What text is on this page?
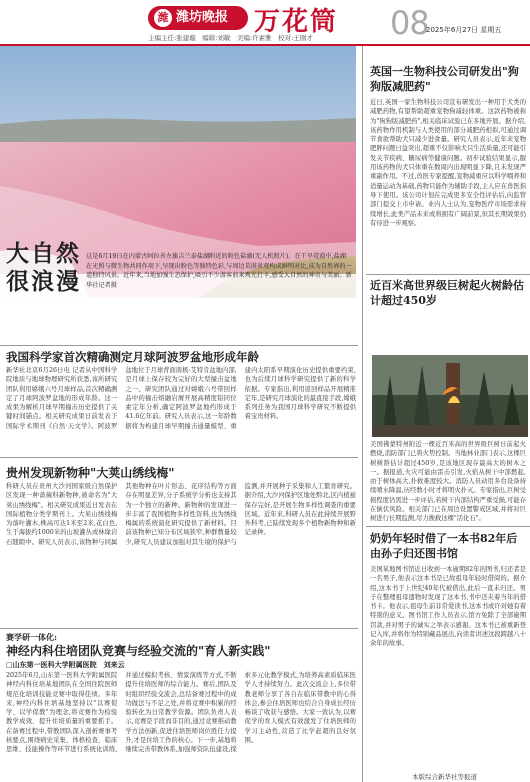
潍 潍坊晚报 万花筒 08
2025年6月27日 星期五
主编主任:张建璇　编辑:刘敏　美编:许素雅　校对:王刚才
大自然
很浪漫
这是6月19日在内蒙古阿拉善左旗吉兰泰盐湖附近的粉色盐湖(无人机照片)。在干旱荒漠中,盐湖在光照与微生物共同作用下,呈现出粉色等独特色彩,与周边荒漠景观构成鲜明对比,成为自然界的一道独特风景。近年来,当地加强生态保护,吸引不少游客前来观光打卡,感受大自然的神奇与美丽。新华社记者摄
我国科学家首次精确测定月球阿波罗盆地形成年龄
新华社北京6月26日电 记者从中国科学院地质与地球物理研究所获悉,该所研究团队利用嫦娥六号月球样品,首次精确测定了月球阿波罗盆地的形成年龄。这一成果为解析月球早期撞击历史提供了关键时间锚点。相关研究成果日前发表于国际学术期刊《自然·天文学》。阿波罗盆地位于月球背面南极-艾特肯盆地内部,是月球上保存较为完好的大型撞击盆地之一。研究团队通过对嫦娥六号带回样品中的撞击熔融岩屑开展高精度铅同位素定年分析,确定阿波罗盆地约形成于41.6亿年前。研究人员表示,这一年龄数据将为构建月球早期撞击通量模型、重建内太阳系早期演化历史提供重要约束,也为后续月球科学研究提供了新的科学依据。专家指出,利用返回样品开展精准定年,是研究月球演化的最直接手段,嫦娥系列任务为我国月球科学研究不断提供着宝贵材料。
贵州发现新物种"大荚山绣线梅"
科研人员在贵州大沙河国家级自然保护区发现一种蔷薇科新物种,被命名为"大荚山绣线梅"。相关研究成果近日发表在国际植物分类学期刊上。大荚山绣线梅为落叶灌木,株高可达1米至2米,花白色,生于海拔约1000米的山坡灌丛或林缘岩石缝隙中。研究人员表示,该物种与同属其他物种在叶片形态、花序结构等方面存在明显差异,分子系统学分析也支持其为一个独立的新种。新物种的发现进一步丰富了我国植物多样性资料,也为绣线梅属的系统演化研究提供了新材料。目前该物种已知分布区域狭窄,种群数量较少,研究人员建议加强对其生境的保护与监测,并开展种子采集和人工繁育研究。据介绍,大沙河保护区地处黔北,区内植被保存完好,是开展生物多样性调查的重要区域。近年来,科研人员在此持续开展野外科考,已陆续发现多个植物新物种和新记录种。
赛学研一体化:
神经内科住培团队竞赛与经验交流的"育人新实践"
□山东第一医科大学附属医院　刘来云
2025年6月,山东第一医科大学附属医院神经内科住培基地团队在全国住院医师规范化培训技能竞赛中取得佳绩。多年来,神经内科住培基地坚持以"以赛促学、以学促教"为理念,将竞赛作为检验教学成效、提升住培质量的重要抓手。在备赛过程中,带教团队深入剖析赛事考核要点,围绕病史采集、体格检查、临床思维、技能操作等环节进行系统化训练,并通过模拟考核、情景演练等方式,不断提升住培医师的综合能力。赛后,团队及时组织经验交流会,总结备赛过程中的成功做法与不足之处,并将竞赛中积累的经验转化为日常教学资源。团队负责人表示,竞赛是手段而非目的,通过竞赛推动教学方法创新,促进住培医师岗位胜任力提升,才是住培工作的核心。下一步,基地将继续完善带教体系,加强师资队伍建设,探索多元化教学模式,为培养高素质临床医学人才持续努力。此次交流会上,多位带教老师分享了各自在临床带教中的心得体会,参会住培医师也结合自身成长经历畅谈了收获与感悟。大家一致认为,以赛促学的育人模式有效激发了住培医师的学习主动性,营造了比学赶超的良好氛围。
英国一生物科技公司研发出"狗狗版减肥药"
近日,英国一家生物科技公司宣布研发出一种用于犬类的减肥药物,有望帮助超重宠物狗减轻体重。这款药物被称为"狗狗版减肥药",相关临床试验已在多地开展。据介绍,该药物作用机制与人类使用的部分减肥药相似,可通过调节食欲帮助犬只减少进食量。研究人员表示,近年来宠物肥胖问题日益突出,超重不仅影响犬只生活质量,还可能引发关节疾病、糖尿病等健康问题。初步试验结果显示,服用该药物的犬只体重在数周内出现明显下降,且未发现严重副作用。不过,兽医专家提醒,宠物减重应以科学喂养和适量运动为基础,药物只能作为辅助手段,主人应在兽医指导下使用。该公司计划在完成更多安全性评估后,向监管部门提交上市申请。业内人士认为,宠物医疗市场需求持续增长,此类产品未来或将拥有广阔前景,但其长期效果仍有待进一步观察。
近百米高世界级巨树起火树龄估计超过450岁
美国佛蒙特州附近一棵近百米高的世界级巨树日前起火燃烧,消防部门已将火势控制。当地林业部门表示,这棵巨树树龄估计超过450岁,是该地区现存最高大的树木之一。据报道,火灾可能由雷击引发,火焰从树干中部燃起,由于树体高大,扑救难度较大。消防人员动用多台设备持续喷水降温,历经数小时才将明火扑灭。专家指出,巨树受损程度仍需进一步评估,若树干内部结构严重受损,可能存在倒伏风险。相关部门已在周边设置警戒区域,并将对巨树进行长期监测,尽力挽救这棵"活化石"。
奶奶年轻时借了一本书82年后由孙子归还图书馆
美国某地图书馆近日收到一本逾期82年的图书,归还者是一名男子,他表示这本书是已故祖母年轻时借阅的。据介绍,这本书于上世纪40年代被借出,此后一直未归还。男子在整理祖母遗物时发现了这本书,书中还夹着当年的借书卡。他表示,祖母生前非常爱读书,这本书或许对她有着特别的意义。图书馆工作人员表示,馆方免除了全部逾期罚款,并对男子的诚实之举表示感谢。这本书已被重新登记入库,并将作为特别藏品展出,向读者讲述这段跨越八十余年的故事。
本版综合新华社等报道
